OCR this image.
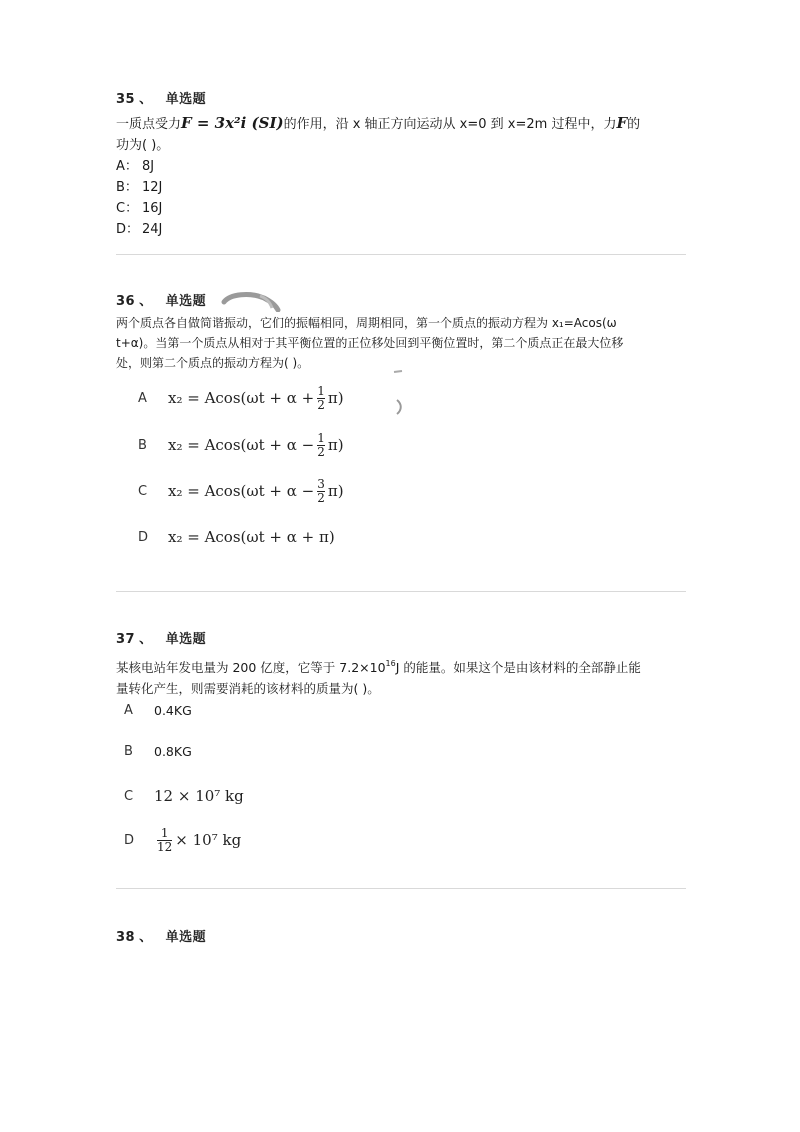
35 、 单选题
一质点受力F = 3x²i (SI)的作用，沿 x 轴正方向运动从 x=0 到 x=2m 过程中，力F的
功为( )。
A： 8J
B： 12J
C： 16J
D： 24J
36 、 单选题
两个质点各自做简谐振动，它们的振幅相同，周期相同，第一个质点的振动方程为 x₁=Acos(ω
t+α)。当第一个质点从相对于其平衡位置的正位移处回到平衡位置时，第二个质点正在最大位移
处，则第二个质点的振动方程为( )。
A	$x_2 = Acos(\omega t + \alpha + \frac{1}{2} \pi)$
B	$x_2 = Acos(\omega t + \alpha - \frac{1}{2} \pi)$
C	$x_2 = Acos(\omega t + \alpha - \frac{3}{2} \pi)$
D	x₂ = Acos(ωt + α + π)
37 、 单选题
某核电站年发电量为 200 亿度，它等于 $7.2\times 10^{16}J$ 的能量。如果这个是由该材料的全部静止能
量转化产生，则需要消耗的该材料的质量为( )。
A	0.4KG
B	0.8KG
C	12 × 10⁷ kg
D	$\frac{1}{12} \times 10^7$ kg
38 、 单选题
